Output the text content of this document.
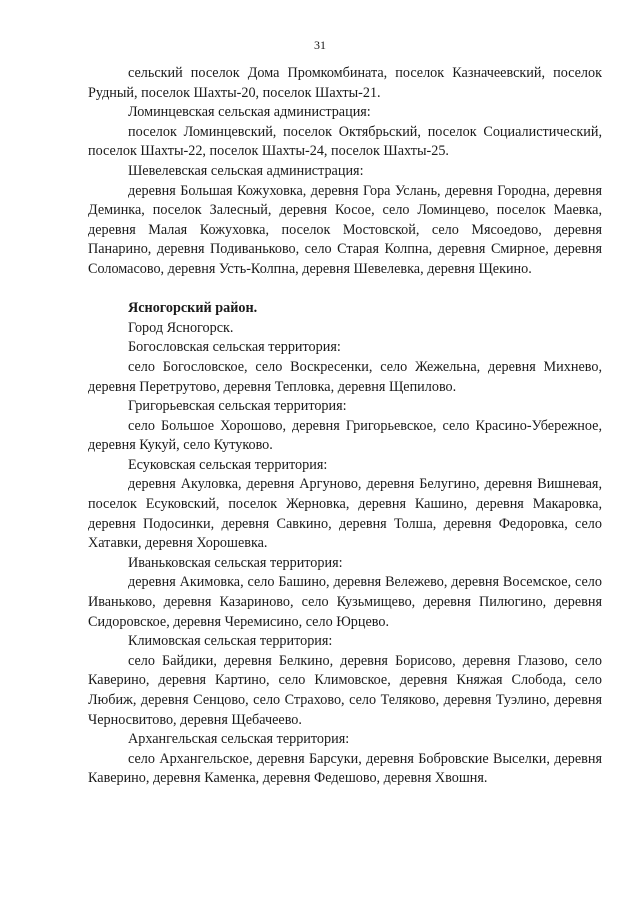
31

сельский поселок Дома Промкомбината, поселок Казначеевский, поселок Рудный, поселок Шахты-20, поселок Шахты-21.

Ломинцевская сельская администрация:

поселок Ломинцевский, поселок Октябрьский, поселок Социалистический, поселок Шахты-22, поселок Шахты-24, поселок Шахты-25.

Шевелевская сельская администрация:

деревня Большая Кожуховка, деревня Гора Услань, деревня Городна, деревня Деминка, поселок Залесный, деревня Косое, село Ломинцево, поселок Маевка, деревня Малая Кожуховка, поселок Мостовской, село Мясоедово, деревня Панарино, деревня Подиваньково, село Старая Колпна, деревня Смирное, деревня Соломасово, деревня Усть-Колпна, деревня Шевелевка, деревня Щекино.

Ясногорский район.

Город Ясногорск.

Богословская сельская территория:

село Богословское, село Воскресенки, село Жежельна, деревня Михнево, деревня Перетрутово, деревня Тепловка, деревня Щепилово.

Григорьевская сельская территория:

село Большое Хорошово, деревня Григорьевское, село Красино-Убережное, деревня Кукуй, село Кутуково.

Есуковская сельская территория:

деревня Акуловка, деревня Аргуново, деревня Белугино, деревня Вишневая, поселок Есуковский, поселок Жерновка, деревня Кашино, деревня Макаровка, деревня Подосинки, деревня Савкино, деревня Толша, деревня Федоровка, село Хатавки, деревня Хорошевка.

Иваньковская сельская территория:

деревня Акимовка, село Башино, деревня Вележево, деревня Восемское, село Иваньково, деревня Казариново, село Кузьмищево, деревня Пилюгино, деревня Сидоровское, деревня Черемисино, село Юрцево.

Климовская сельская территория:

село Байдики, деревня Белкино, деревня Борисово, деревня Глазово, село Каверино, деревня Картино, село Климовское, деревня Княжая Слобода, село Любиж, деревня Сенцово, село Страхово, село Теляково, деревня Туэлино, деревня Черносвитово, деревня Щебачеево.

Архангельская сельская территория:

село Архангельское, деревня Барсуки, деревня Бобровские Выселки, деревня Каверино, деревня Каменка, деревня Федешово, деревня Хвошня.
